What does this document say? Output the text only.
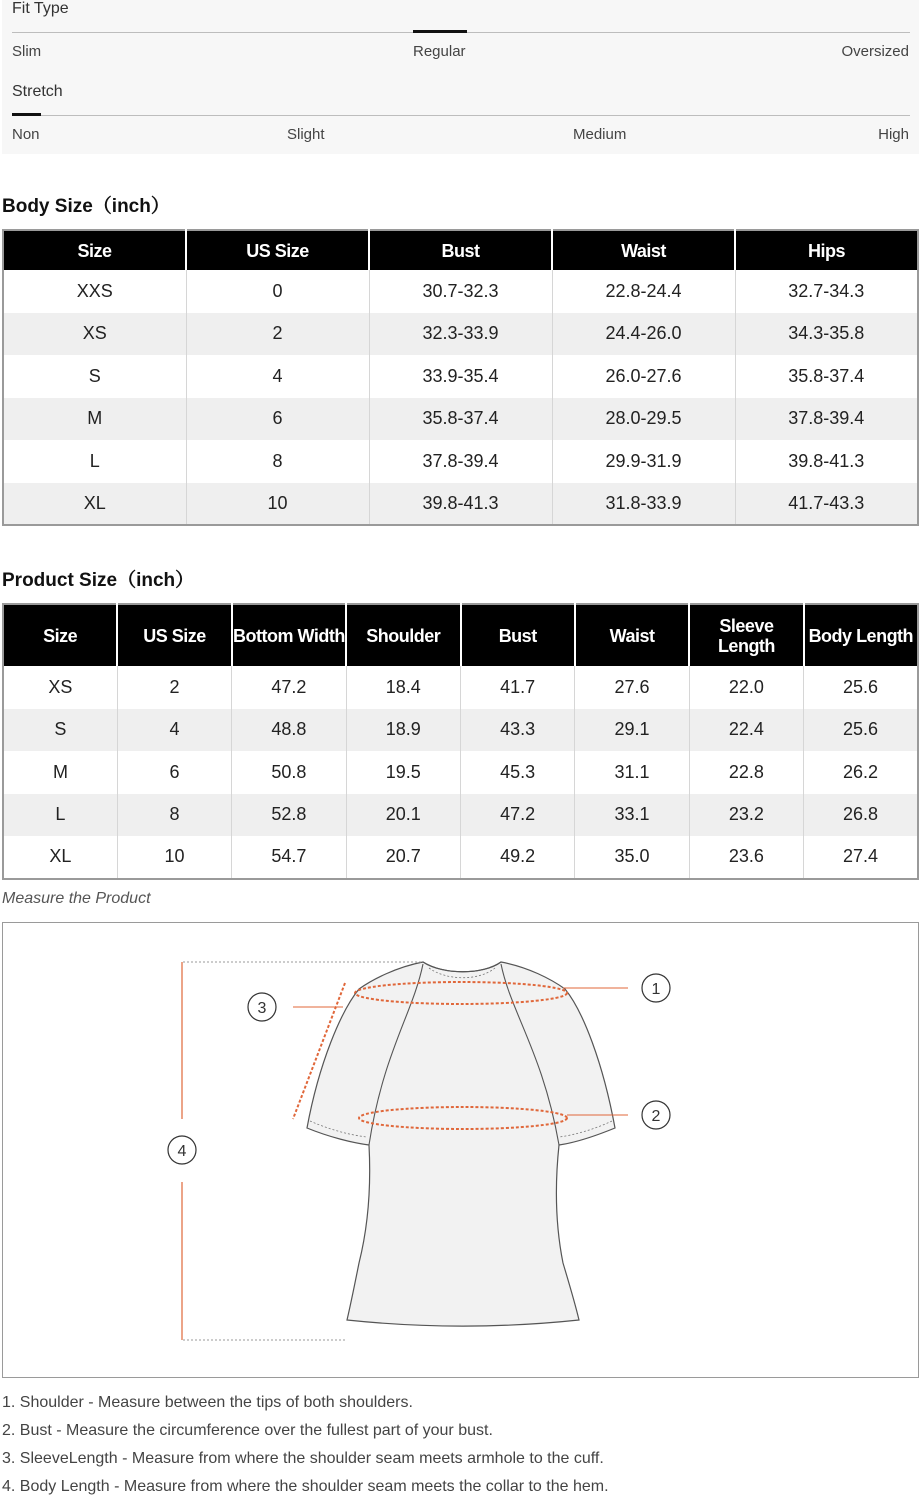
Fit Type
Slim	Regular	Oversized
Stretch
Non	Slight	Medium	High
Body Size（inch）
Size	US Size	Bust	Waist	Hips
XXS	0	30.7-32.3	22.8-24.4	32.7-34.3
XS	2	32.3-33.9	24.4-26.0	34.3-35.8
S	4	33.9-35.4	26.0-27.6	35.8-37.4
M	6	35.8-37.4	28.0-29.5	37.8-39.4
L	8	37.8-39.4	29.9-31.9	39.8-41.3
XL	10	39.8-41.3	31.8-33.9	41.7-43.3
Product Size（inch）
Size	US Size	Bottom Width	Shoulder	Bust	Waist	Sleeve Length	Body Length
XS	2	47.2	18.4	41.7	27.6	22.0	25.6
S	4	48.8	18.9	43.3	29.1	22.4	25.6
M	6	50.8	19.5	45.3	31.1	22.8	26.2
L	8	52.8	20.1	47.2	33.1	23.2	26.8
XL	10	54.7	20.7	49.2	35.0	23.6	27.4
Measure the Product
1
2
3
4
1. Shoulder - Measure between the tips of both shoulders.
2. Bust - Measure the circumference over the fullest part of your bust.
3. SleeveLength - Measure from where the shoulder seam meets armhole to the cuff.
4. Body Length - Measure from where the shoulder seam meets the collar to the hem.
